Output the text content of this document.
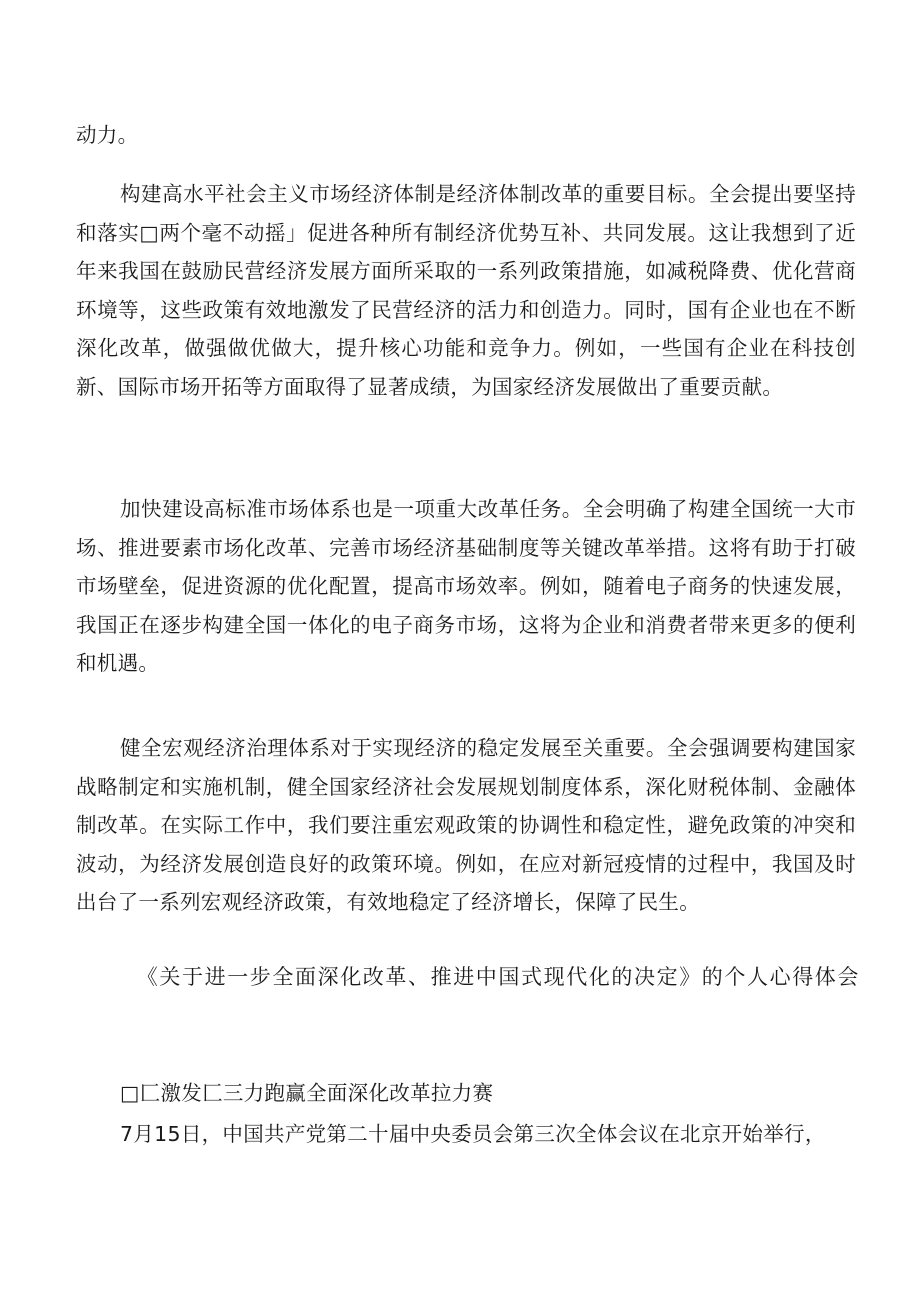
动力。

构建高水平社会主义市场经济体制是经济体制改革的重要目标。全会提出要坚持和落实□两个毫不动摇」促进各种所有制经济优势互补、共同发展。这让我想到了近年来我国在鼓励民营经济发展方面所采取的一系列政策措施，如减税降费、优化营商环境等，这些政策有效地激发了民营经济的活力和创造力。同时，国有企业也在不断深化改革，做强做优做大，提升核心功能和竞争力。例如，一些国有企业在科技创新、国际市场开拓等方面取得了显著成绩，为国家经济发展做出了重要贡献。

加快建设高标准市场体系也是一项重大改革任务。全会明确了构建全国统一大市场、推进要素市场化改革、完善市场经济基础制度等关键改革举措。这将有助于打破市场壁垒，促进资源的优化配置，提高市场效率。例如，随着电子商务的快速发展，我国正在逐步构建全国一体化的电子商务市场，这将为企业和消费者带来更多的便利和机遇。

健全宏观经济治理体系对于实现经济的稳定发展至关重要。全会强调要构建国家战略制定和实施机制，健全国家经济社会发展规划制度体系，深化财税体制、金融体制改革。在实际工作中，我们要注重宏观政策的协调性和稳定性，避免政策的冲突和波动，为经济发展创造良好的政策环境。例如，在应对新冠疫情的过程中，我国及时出台了一系列宏观经济政策，有效地稳定了经济增长，保障了民生。

《关于进一步全面深化改革、推进中国式现代化的决定》的个人心得体会

□匚激发匚三力跑赢全面深化改革拉力赛

7月15日，中国共产党第二十届中央委员会第三次全体会议在北京开始举行，
